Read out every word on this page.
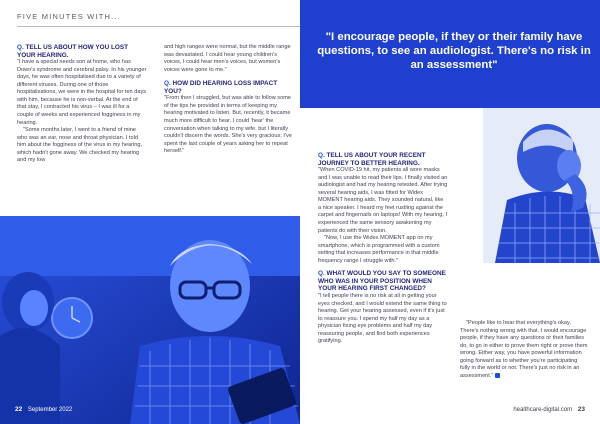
FIVE MINUTES WITH...

Q. TELL US ABOUT HOW YOU LOST YOUR HEARING.

"I have a special needs son at home, who has Down's syndrome and cerebral palsy. In his younger days, he was often hospitalised due to a variety of different viruses. During one of those hospitalisations, we were in the hospital for ten days with him, because he is non-verbal. At the end of that stay, I contracted his virus – I was ill for a couple of weeks and experienced fogginess in my hearing.

"Some months later, I went to a friend of mine who was an ear, nose and throat physician. I told him about the fogginess of the virus in my hearing, which hadn't gone away. We checked my hearing and my low

and high ranges were normal, but the middle range was devastated. I could hear young children's voices, I could hear men's voices, but women's voices were gone to me."

Q. HOW DID HEARING LOSS IMPACT YOU?

"From then I struggled, but was able to follow some of the tips he provided in terms of keeping my hearing motivated to listen. But, recently, it became much more difficult to hear. I could 'hear' the conversation when talking to my wife, but I literally couldn't discern the words. She's very gracious; I've spent the last couple of years asking her to repeat herself."

22 September 2022
"I encourage people, if they or their family have questions, to see an audiologist. There's no risk in an assessment"

Q. TELL US ABOUT YOUR RECENT JOURNEY TO BETTER HEARING.

"When COVID-19 hit, my patients all wore masks and I was unable to read their lips. I finally visited an audiologist and had my hearing retested. After trying several hearing aids, I was fitted for Widex MOMENT hearing aids. They sounded natural, like a nice speaker. I heard my feet rustling against the carpet and fingernails on laptops! With my hearing, I experienced the same sensory awakening my patients do with their vision.

"Now, I use the Widex MOMENT app on my smartphone, which is programmed with a custom setting that increases performance in that middle frequency range I struggle with."

Q. WHAT WOULD YOU SAY TO SOMEONE WHO WAS IN YOUR POSITION WHEN YOUR HEARING FIRST CHANGED?

"I tell people there is no risk at all in getting your eyes checked, and I would extend the same thing to hearing. Get your hearing assessed, even if it's just to reassure you. I spend my half my day as a physician fixing eye problems and half my day reassuring people, and find both experiences gratifying.

"People like to hear that everything's okay. There's nothing wrong with that. I would encourage people, if they have any questions or their families do, to go in either to prove them right or prove them wrong. Either way, you have powerful information going forward as to whether you're participating fully in the world or not. There's just no risk in an assessment."

healthcare-digital.com 23
